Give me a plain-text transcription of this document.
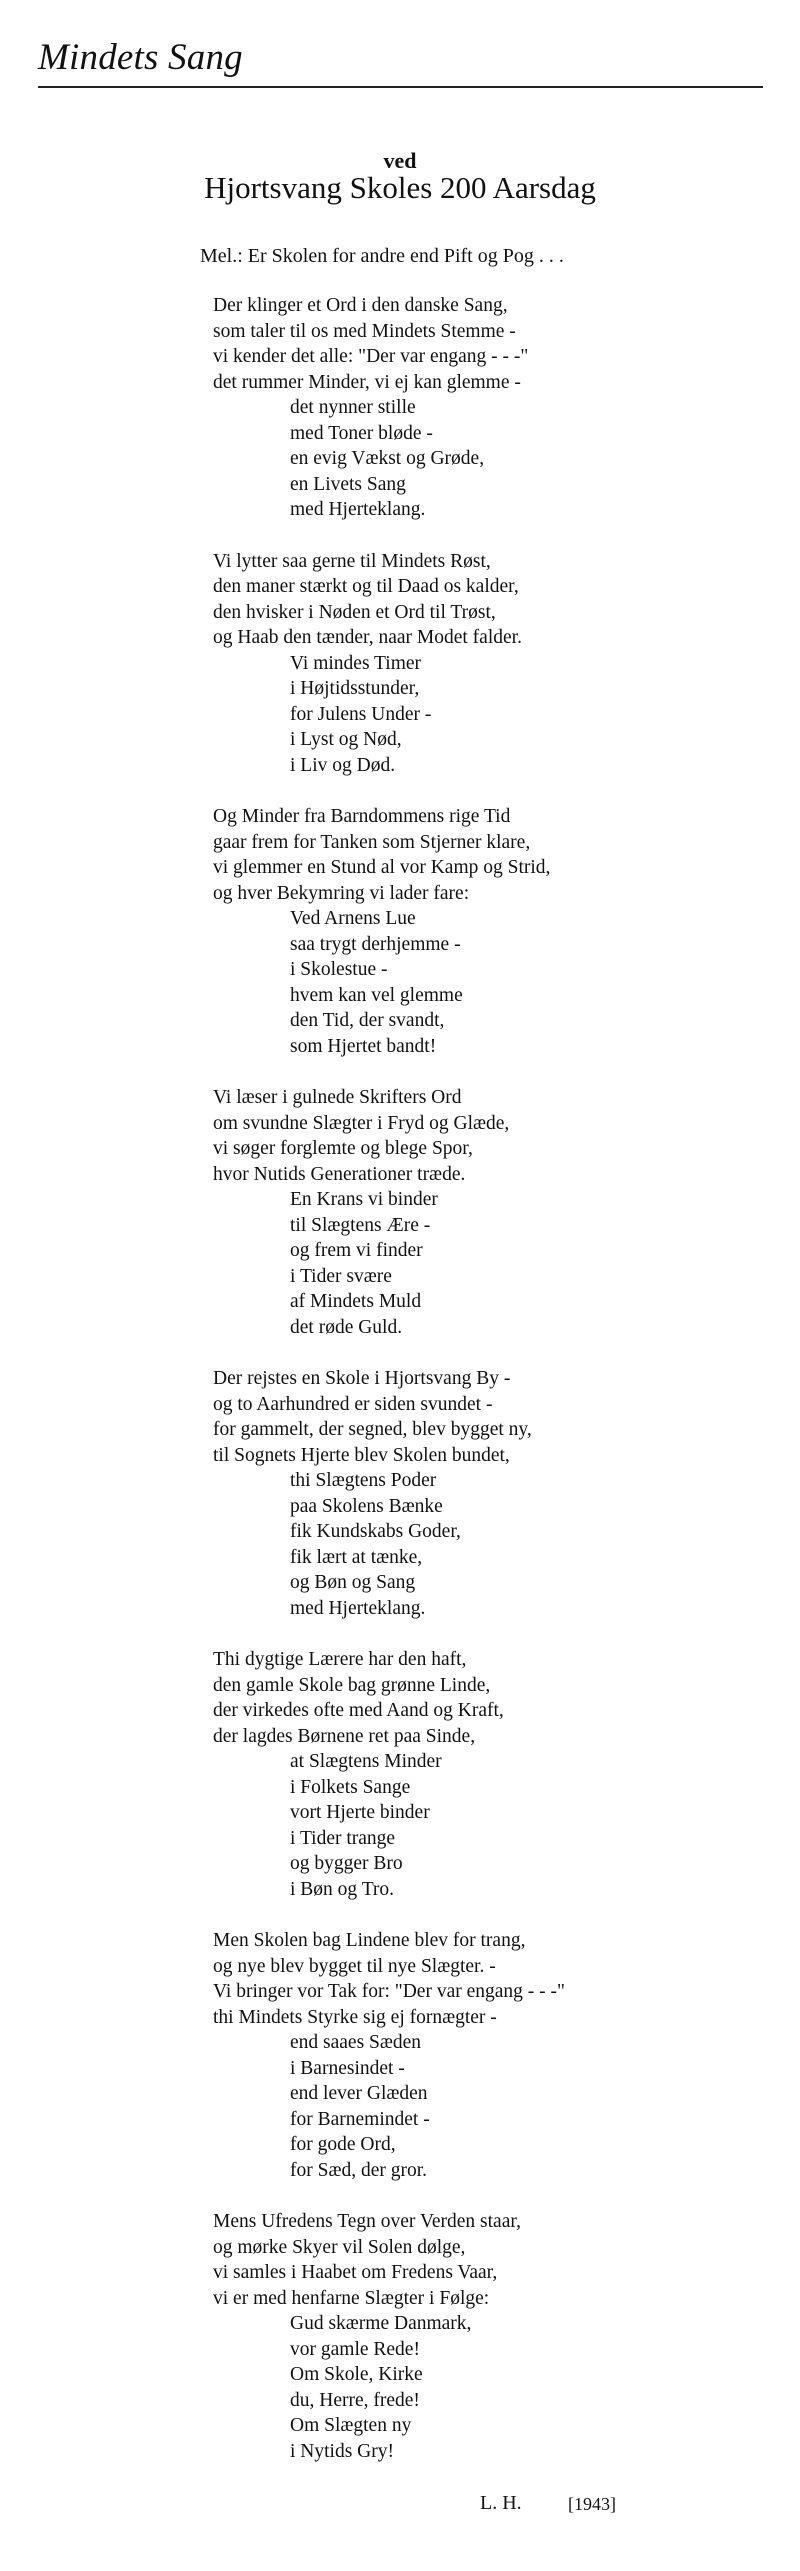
Mindets Sang
ved
Hjortsvang Skoles 200 Aarsdag
Mel.: Er Skolen for andre end Pift og Pog . . .
Der klinger et Ord i den danske Sang,
som taler til os med Mindets Stemme -
vi kender det alle: "Der var engang - - -"
det rummer Minder, vi ej kan glemme -
det nynner stille
med Toner bløde -
en evig Vækst og Grøde,
en Livets Sang
med Hjerteklang.
Vi lytter saa gerne til Mindets Røst,
den maner stærkt og til Daad os kalder,
den hvisker i Nøden et Ord til Trøst,
og Haab den tænder, naar Modet falder.
Vi mindes Timer
i Højtidsstunder,
for Julens Under -
i Lyst og Nød,
i Liv og Død.
Og Minder fra Barndommens rige Tid
gaar frem for Tanken som Stjerner klare,
vi glemmer en Stund al vor Kamp og Strid,
og hver Bekymring vi lader fare:
Ved Arnens Lue
saa trygt derhjemme -
i Skolestue -
hvem kan vel glemme
den Tid, der svandt,
som Hjertet bandt!
Vi læser i gulnede Skrifters Ord
om svundne Slægter i Fryd og Glæde,
vi søger forglemte og blege Spor,
hvor Nutids Generationer træde.
En Krans vi binder
til Slægtens Ære -
og frem vi finder
i Tider svære
af Mindets Muld
det røde Guld.
Der rejstes en Skole i Hjortsvang By -
og to Aarhundred er siden svundet -
for gammelt, der segned, blev bygget ny,
til Sognets Hjerte blev Skolen bundet,
thi Slægtens Poder
paa Skolens Bænke
fik Kundskabs Goder,
fik lært at tænke,
og Bøn og Sang
med Hjerteklang.
Thi dygtige Lærere har den haft,
den gamle Skole bag grønne Linde,
der virkedes ofte med Aand og Kraft,
der lagdes Børnene ret paa Sinde,
at Slægtens Minder
i Folkets Sange
vort Hjerte binder
i Tider trange
og bygger Bro
i Bøn og Tro.
Men Skolen bag Lindene blev for trang,
og nye blev bygget til nye Slægter. -
Vi bringer vor Tak for: "Der var engang - - -"
thi Mindets Styrke sig ej fornægter -
end saaes Sæden
i Barnesindet -
end lever Glæden
for Barnemindet -
for gode Ord,
for Sæd, der gror.
Mens Ufredens Tegn over Verden staar,
og mørke Skyer vil Solen dølge,
vi samles i Haabet om Fredens Vaar,
vi er med henfarne Slægter i Følge:
Gud skærme Danmark,
vor gamle Rede!
Om Skole, Kirke
du, Herre, frede!
Om Slægten ny
i Nytids Gry!
L. H.	[1943]
